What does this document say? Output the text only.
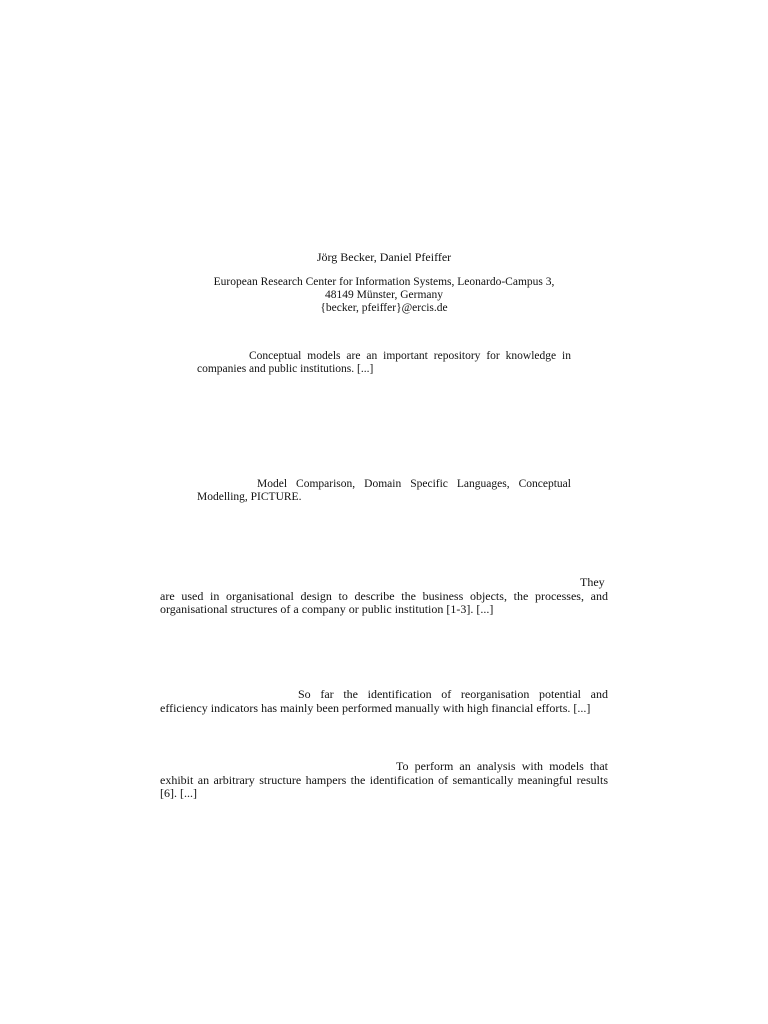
Jörg Becker, Daniel Pfeiffer
European Research Center for Information Systems, Leonardo-Campus 3,
48149 Münster, Germany
{becker, pfeiffer}@ercis.de
Conceptual models are an important repository for knowledge in companies and public institutions. [...]
Model Comparison, Domain Specific Languages, Conceptual Modelling, PICTURE.
They are used in organisational design to describe the business objects, the processes, and organisational structures of a company or public institution [1-3]. [...]
So far the identification of reorganisation potential and efficiency indicators has mainly been performed manually with high financial efforts. [...]
To perform an analysis with models that exhibit an arbitrary structure hampers the identification of semantically meaningful results [6]. [...]
